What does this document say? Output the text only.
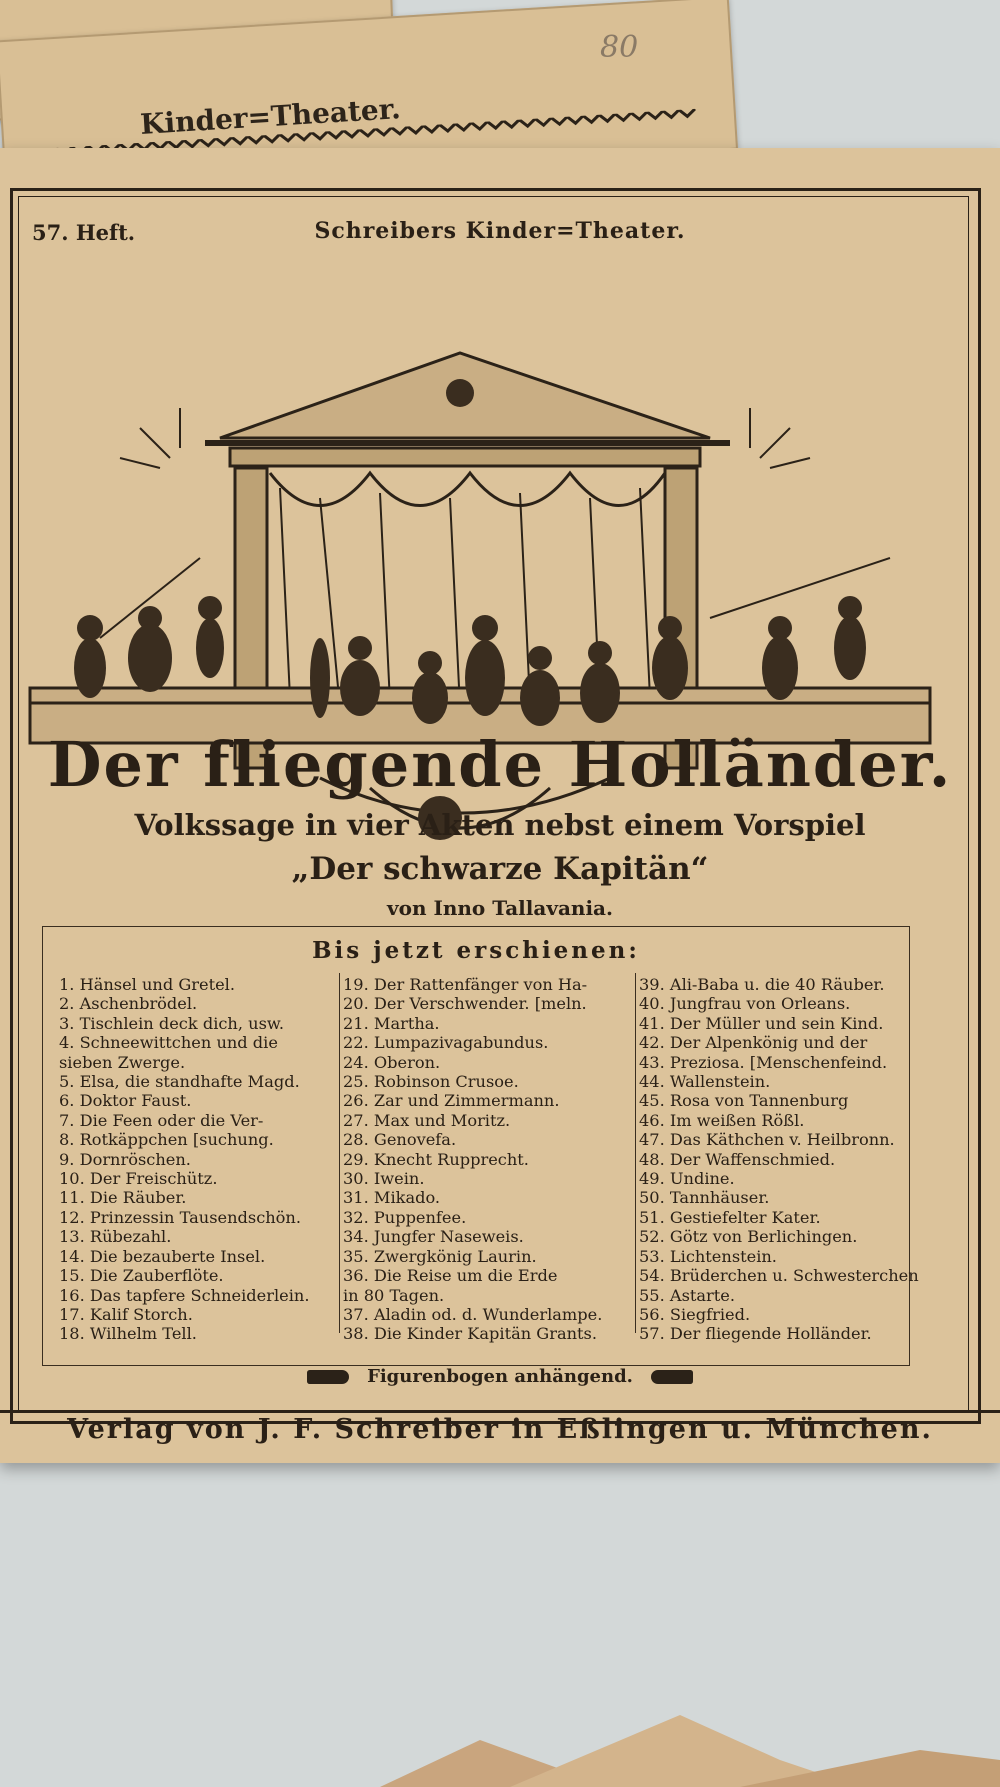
Kinder=Theater.
80
57. Heft.	Schreibers Kinder=Theater.
Der fliegende Holländer.
Volkssage in vier Akten nebst einem Vorspiel
„Der schwarze Kapitän“
von Inno Tallavania.
Bis jetzt erschienen:
1. Hänsel und Gretel.
2. Aschenbrödel.
3. Tischlein deck dich, usw.
4. Schneewittchen und die
sieben Zwerge.
5. Elsa, die standhafte Magd.
6. Doktor Faust.
7. Die Feen oder die Ver-
8. Rotkäppchen [suchung.
9. Dornröschen.
10. Der Freischütz.
11. Die Räuber.
12. Prinzessin Tausendschön.
13. Rübezahl.
14. Die bezauberte Insel.
15. Die Zauberflöte.
16. Das tapfere Schneiderlein.
17. Kalif Storch.
18. Wilhelm Tell.
19. Der Rattenfänger von Ha-
20. Der Verschwender. [meln.
21. Martha.
22. Lumpazivagabundus.
24. Oberon.
25. Robinson Crusoe.
26. Zar und Zimmermann.
27. Max und Moritz.
28. Genovefa.
29. Knecht Rupprecht.
30. Iwein.
31. Mikado.
32. Puppenfee.
34. Jungfer Naseweis.
35. Zwergkönig Laurin.
36. Die Reise um die Erde
in 80 Tagen.
37. Aladin od. d. Wunderlampe.
38. Die Kinder Kapitän Grants.
39. Ali-Baba u. die 40 Räuber.
40. Jungfrau von Orleans.
41. Der Müller und sein Kind.
42. Der Alpenkönig und der
43. Preziosa. [Menschenfeind.
44. Wallenstein.
45. Rosa von Tannenburg
46. Im weißen Rößl.
47. Das Käthchen v. Heilbronn.
48. Der Waffenschmied.
49. Undine.
50. Tannhäuser.
51. Gestiefelter Kater.
52. Götz von Berlichingen.
53. Lichtenstein.
54. Brüderchen u. Schwesterchen
55. Astarte.
56. Siegfried.
57. Der fliegende Holländer.
Figurenbogen anhängend.
Verlag von J. F. Schreiber in Eßlingen u. München.
